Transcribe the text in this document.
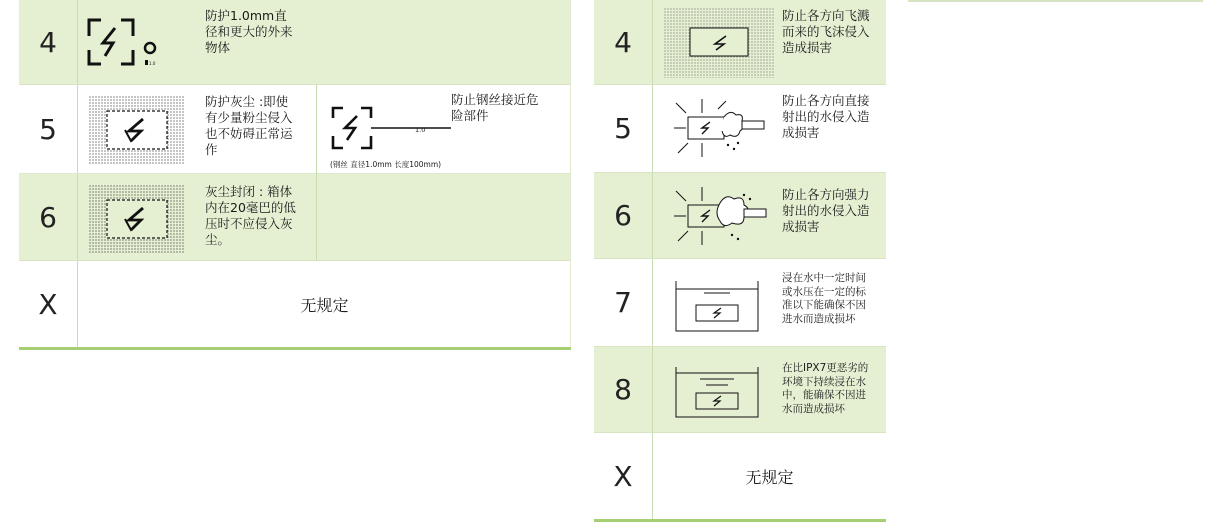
4
1.0
防护1.0mm直
径和更大的外来
物体
5
防护灰尘 :即使
有少量粉尘侵入
也不妨碍正常运
作
6
灰尘封闭 : 箱体
内在20毫巴的低
压时不应侵入灰
尘。
X	无规定
1.0
防止钢丝接近危
险部件
(钢丝 直径1.0mm 长度100mm)
4
防止各方向飞溅
而来的飞沫侵入
造成损害
5
防止各方向直接
射出的水侵入造
成损害
6
防止各方向强力
射出的水侵入造
成损害
7
浸在水中一定时间
或水压在一定的标
准以下能确保不因
进水而造成损坏
8
在比IPX7更恶劣的
环境下持续浸在水
中，能确保不因进
水而造成损坏
X	无规定
